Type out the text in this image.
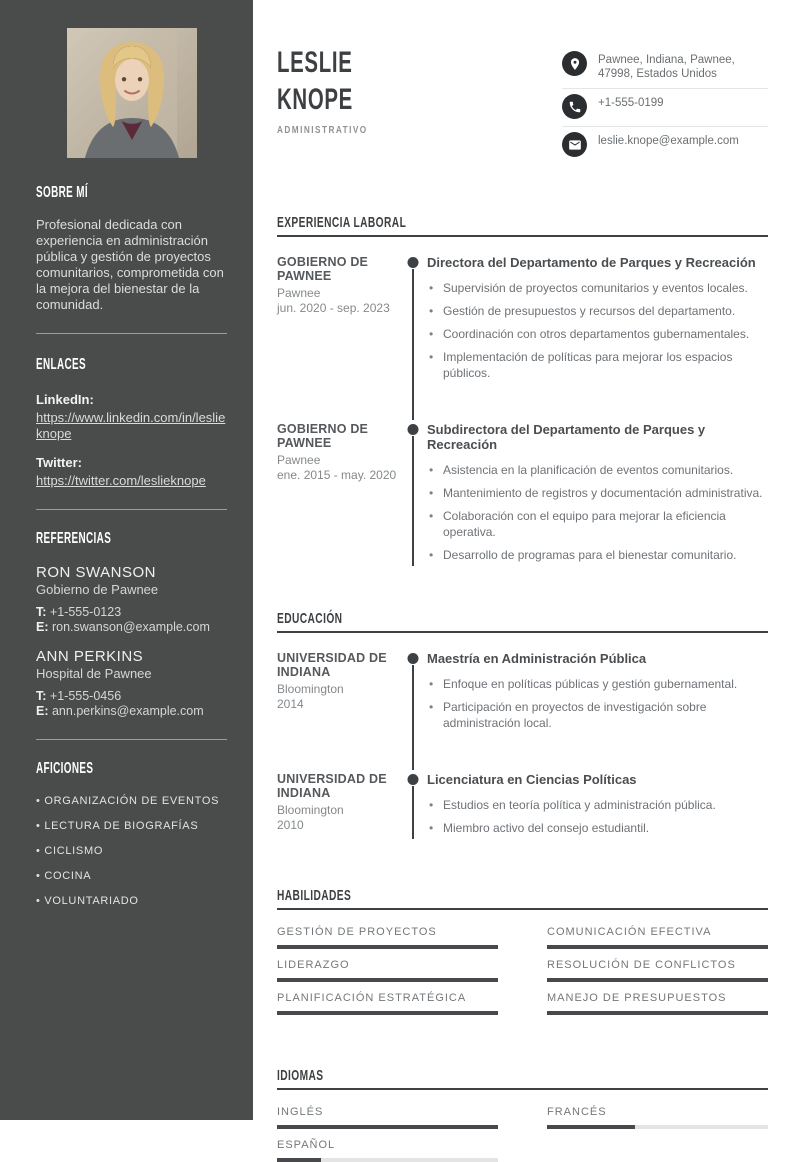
SOBRE MÍ

Profesional dedicada con experiencia en administración pública y gestión de proyectos comunitarios, comprometida con la mejora del bienestar de la comunidad.

ENLACES
LinkedIn:
https://www.linkedin.com/in/leslieknope
Twitter:
https://twitter.com/leslieknope
REFERENCIAS
RON SWANSON
Gobierno de Pawnee
T: +1-555-0123
E: ron.swanson@example.com
ANN PERKINS
Hospital de Pawnee
T: +1-555-0456
E: ann.perkins@example.com
AFICIONES
• ORGANIZACIÓN DE EVENTOS
• LECTURA DE BIOGRAFÍAS
• CICLISMO
• COCINA
• VOLUNTARIADO
LESLIE
KNOPE
ADMINISTRATIVO
Pawnee, Indiana, Pawnee, 47998, Estados Unidos
+1-555-0199
leslie.knope@example.com
EXPERIENCIA LABORAL
GOBIERNO DE PAWNEE
Pawnee
jun. 2020 - sep. 2023
Directora del Departamento de Parques y Recreación
• Supervisión de proyectos comunitarios y eventos locales.
• Gestión de presupuestos y recursos del departamento.
• Coordinación con otros departamentos gubernamentales.
• Implementación de políticas para mejorar los espacios públicos.
GOBIERNO DE PAWNEE
Pawnee
ene. 2015 - may. 2020
Subdirectora del Departamento de Parques y Recreación
• Asistencia en la planificación de eventos comunitarios.
• Mantenimiento de registros y documentación administrativa.
• Colaboración con el equipo para mejorar la eficiencia operativa.
• Desarrollo de programas para el bienestar comunitario.
EDUCACIÓN
UNIVERSIDAD DE INDIANA
Bloomington
2014
Maestría en Administración Pública
• Enfoque en políticas públicas y gestión gubernamental.
• Participación en proyectos de investigación sobre administración local.
UNIVERSIDAD DE INDIANA
Bloomington
2010
Licenciatura en Ciencias Políticas
• Estudios en teoría política y administración pública.
• Miembro activo del consejo estudiantil.
HABILIDADES
GESTIÓN DE PROYECTOS	COMUNICACIÓN EFECTIVA
LIDERAZGO	RESOLUCIÓN DE CONFLICTOS
PLANIFICACIÓN ESTRATÉGICA	MANEJO DE PRESUPUESTOS
IDIOMAS
INGLÉS	FRANCÉS
ESPAÑOL
